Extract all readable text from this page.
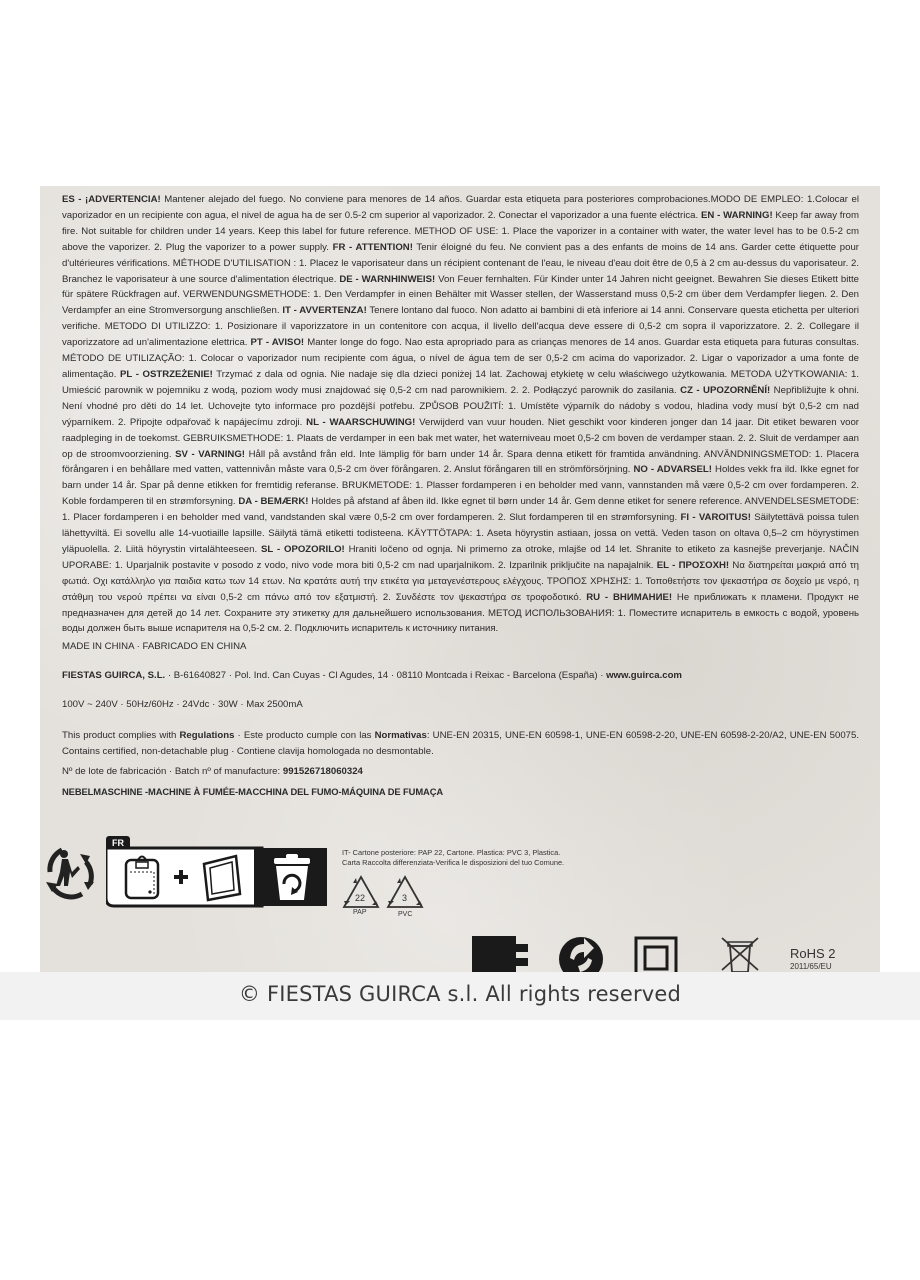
ES - ¡ADVERTENCIA! Mantener alejado del fuego. No conviene para menores de 14 años. Guardar esta etiqueta para posteriores comprobaciones.MODO DE EMPLEO: 1.Colocar el vaporizador en un recipiente con agua, el nivel de agua ha de ser 0.5-2 cm superior al vaporizador. 2. Conectar el vaporizador a una fuente eléctrica. EN - WARNING! Keep far away from fire. Not suitable for children under 14 years. Keep this label for future reference. METHOD OF USE: 1. Place the vaporizer in a container with water, the water level has to be 0.5-2 cm above the vaporizer. 2. Plug the vaporizer to a power supply. FR - ATTENTION! Tenir éloigné du feu. Ne convient pas a des enfants de moins de 14 ans. Garder cette étiquette pour d'ultérieures vérifications. MÉTHODE D'UTILISATION : 1. Placez le vaporisateur dans un récipient contenant de l'eau, le niveau d'eau doit être de 0,5 à 2 cm au-dessus du vaporisateur. 2. Branchez le vaporisateur à une source d'alimentation électrique. DE - WARNHINWEIS! Von Feuer fernhalten. Für Kinder unter 14 Jahren nicht geeignet. Bewahren Sie dieses Etikett bitte für spätere Rückfragen auf. VERWENDUNGSMETHODE: 1. Den Verdampfer in einen Behälter mit Wasser stellen, der Wasserstand muss 0,5-2 cm über dem Verdampfer liegen. 2. Den Verdampfer an eine Stromversorgung anschließen. IT - AVVERTENZA! Tenere lontano dal fuoco. Non adatto ai bambini di età inferiore ai 14 anni. Conservare questa etichetta per ulteriori verifiche. METODO DI UTILIZZO: 1. Posizionare il vaporizzatore in un contenitore con acqua, il livello dell'acqua deve essere di 0,5-2 cm sopra il vaporizzatore. 2. 2. Collegare il vaporizzatore ad un'alimentazione elettrica. PT - AVISO! Manter longe do fogo. Nao esta apropriado para as crianças menores de 14 anos. Guardar esta etiqueta para futuras consultas. MÉTODO DE UTILIZAÇÃO: 1. Colocar o vaporizador num recipiente com água, o nível de água tem de ser 0,5-2 cm acima do vaporizador. 2. Ligar o vaporizador a uma fonte de alimentação. PL - OSTRZEŻENIE! Trzymać z dala od ognia. Nie nadaje się dla dzieci poniżej 14 lat. Zachowaj etykietę w celu właściwego użytkowania. METODA UŻYTKOWANIA: 1. Umieścić parownik w pojemniku z wodą, poziom wody musi znajdować się 0,5-2 cm nad parownikiem. 2. 2. Podłączyć parownik do zasilania. CZ - UPOZORNĚNÍ! Nepřibližujte k ohni. Není vhodné pro děti do 14 let. Uchovejte tyto informace pro pozdější potřebu. ZPŮSOB POUŽITÍ: 1. Umístěte výparník do nádoby s vodou, hladina vody musí být 0,5-2 cm nad výparníkem. 2. Připojte odpařovač k napájecímu zdroji. NL - WAARSCHUWING! Verwijderd van vuur houden. Niet geschikt voor kinderen jonger dan 14 jaar. Dit etiket bewaren voor raadpleging in de toekomst. GEBRUIKSMETHODE: 1. Plaats de verdamper in een bak met water, het waterniveau moet 0,5-2 cm boven de verdamper staan. 2. 2. Sluit de verdamper aan op de stroomvoorziening. SV - VARNING! Håll på avstånd från eld. Inte lämplig för barn under 14 år. Spara denna etikett för framtida användning. ANVÄNDNINGSMETOD: 1. Placera förångaren i en behållare med vatten, vattennivån måste vara 0,5-2 cm över förångaren. 2. Anslut förångaren till en strömförsörjning. NO - ADVARSEL! Holdes vekk fra ild. Ikke egnet for barn under 14 år. Spar på denne etikken for fremtidig referanse. BRUKMETODE: 1. Plasser fordamperen i en beholder med vann, vannstanden må være 0,5-2 cm over fordamperen. 2. Koble fordamperen til en strømforsyning. DA - BEMÆRK! Holdes på afstand af åben ild. Ikke egnet til børn under 14 år. Gem denne etiket for senere reference. ANVENDELSESMETODE: 1. Placer fordamperen i en beholder med vand, vandstanden skal være 0,5-2 cm over fordamperen. 2. Slut fordamperen til en strømforsyning. FI - VAROITUS! Säilytettävä poissa tulen lähettyviltä. Ei sovellu alle 14-vuotiaille lapsille. Säilytä tämä etiketti todisteena. KÄYTTÖTAPA: 1. Aseta höyrystin astiaan, jossa on vettä. Veden tason on oltava 0,5–2 cm höyrystimen yläpuolella. 2. Liitä höyrystin virtalähteeseen. SL - OPOZORILO! Hraniti ločeno od ognja. Ni primerno za otroke, mlajše od 14 let. Shranite to etiketo za kasnejše preverjanje. NAČIN UPORABE: 1. Uparjalnik postavite v posodo z vodo, nivo vode mora biti 0,5-2 cm nad uparjalnikom. 2. Izparilnik priključite na napajalnik. EL - ΠΡΟΣΟΧΗ! Να διατηρείται μακριά από τη φωτιά. Οχι κατάλληλο για παιδια κατω των 14 ετων. Να κρατάτε αυτή την ετικέτα για μεταγενέστερους ελέγχους. ΤΡΟΠΟΣ ΧΡΗΣΗΣ: 1. Τοποθετήστε τον ψεκαστήρα σε δοχείο με νερό, η στάθμη του νερού πρέπει να είναι 0,5-2 cm πάνω από τον εξατμιστή. 2. Συνδέστε τον ψεκαστήρα σε τροφοδοτικό. RU - ВНИМАНИЕ! Не приближать к пламени. Продукт не предназначен для детей до 14 лет. Сохраните эту этикетку для дальнейшего использования. МЕТОД ИСПОЛЬЗОВАНИЯ: 1. Поместите испаритель в емкость с водой, уровень воды должен быть выше испарителя на 0,5-2 см. 2. Подключить испаритель к источнику питания.

MADE IN CHINA · FABRICADO EN CHINA

FIESTAS GUIRCA, S.L. · B-61640827 · Pol. Ind. Can Cuyas - Cl Agudes, 14 · 08110 Montcada i Reixac - Barcelona (España) · www.guirca.com

100V ~ 240V · 50Hz/60Hz · 24Vdc · 30W · Max 2500mA

This product complies with Regulations · Este producto cumple con las Normativas: UNE-EN 20315, UNE-EN 60598-1, UNE-EN 60598-2-20, UNE-EN 60598-2-20/A2, UNE-EN 50075. Contains certified, non-detachable plug · Contiene clavija homologada no desmontable.

Nº de lote de fabricación · Batch nº of manufacture: 991526718060324

NEBELMASCHINE -MACHINE À FUMÉE-MACCHINA DEL FUMO-MÁQUINA DE FUMAÇA

FR

IT- Cartone posteriore: PAP 22, Cartone. Plastica: PVC 3, Plastica.

Carta Raccolta differenziata-Verifica le disposizioni del tuo Comune.

22
PAP
3
PVC

RoHS 2

2011/65/EU

© FIESTAS GUIRCA s.l. All rights reserved
